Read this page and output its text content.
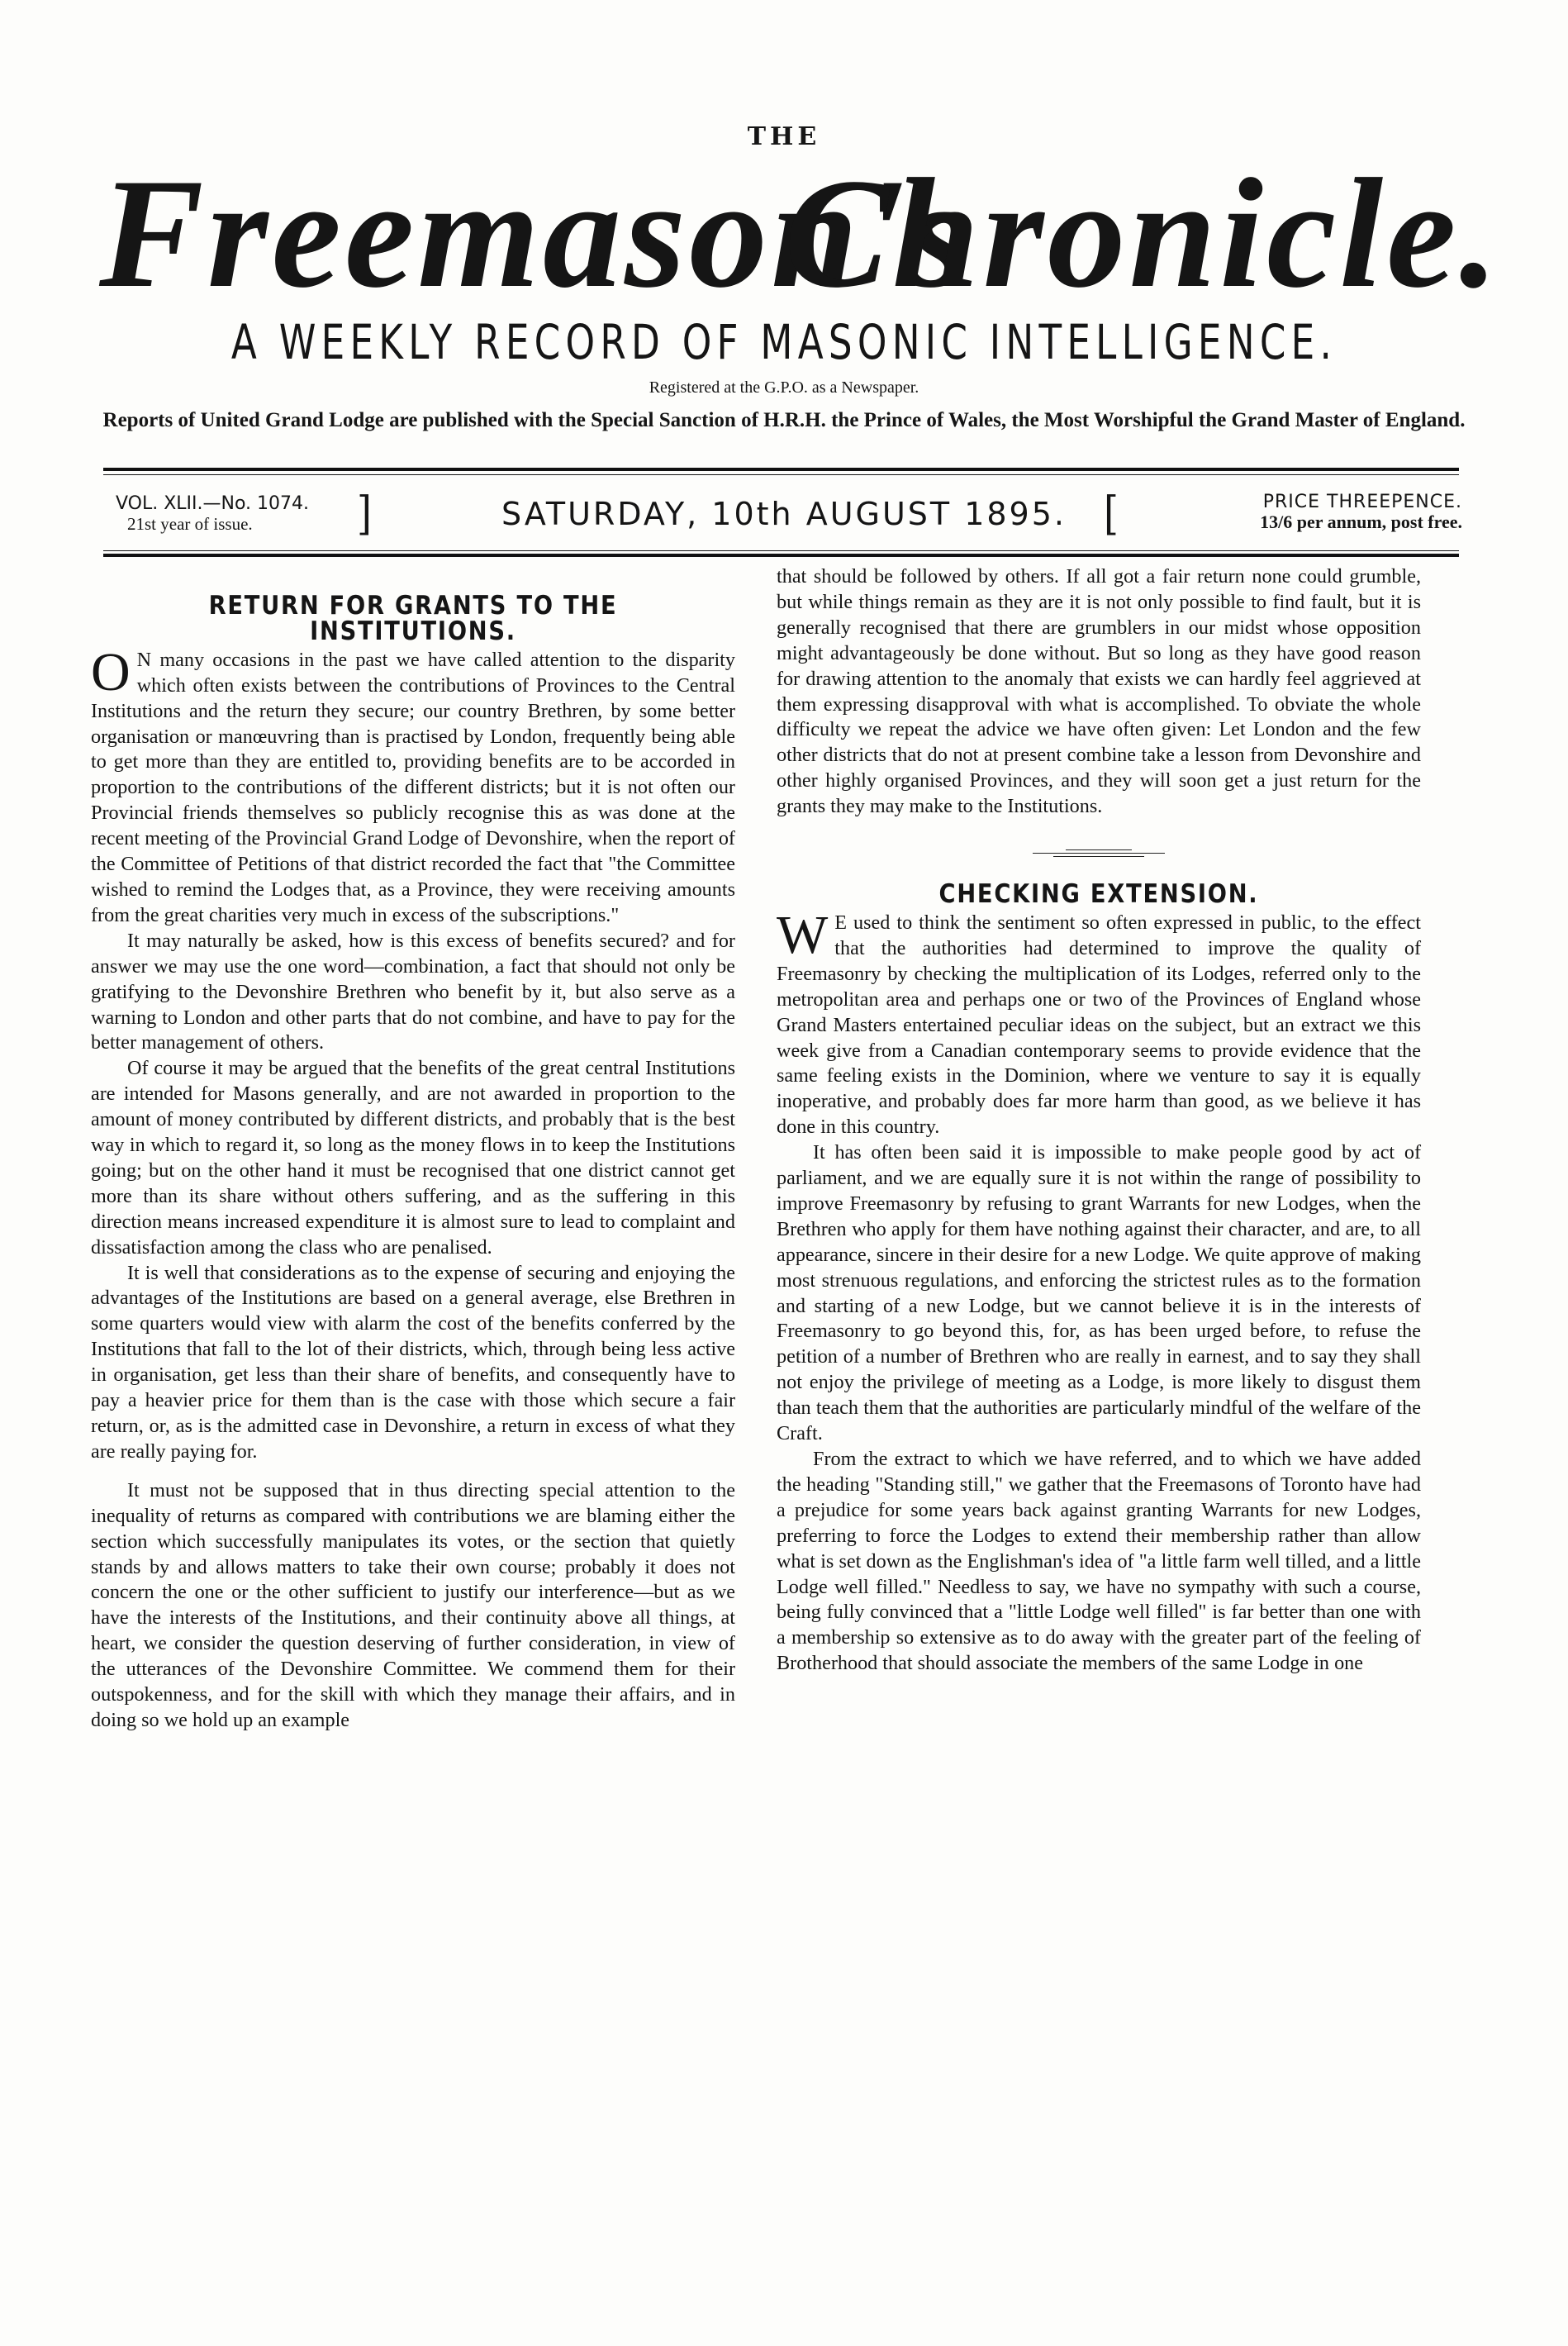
THE
Freemason's
Chronicle.
A WEEKLY RECORD OF MASONIC INTELLIGENCE.
Registered at the G.P.O. as a Newspaper.
Reports of United Grand Lodge are published with the Special Sanction of H.R.H. the Prince of Wales, the Most Worshipful the Grand Master of England.
VOL. XLII.—No. 1074.
21st year of issue.	]	SATURDAY, 10th AUGUST 1895. [	PRICE THREEPENCE.
13/6 per annum, post free.
RETURN FOR GRANTS TO THE INSTITUTIONS.

O N many occasions in the past we have called attention to the disparity which often exists between the contributions of Provinces to the Central Institutions and the return they secure; our country Brethren, by some better organisation or manœuvring than is practised by London, frequently being able to get more than they are entitled to, providing benefits are to be accorded in proportion to the contributions of the different districts; but it is not often our Provincial friends themselves so publicly recognise this as was done at the recent meeting of the Provincial Grand Lodge of Devonshire, when the report of the Committee of Petitions of that district recorded the fact that "the Committee wished to remind the Lodges that, as a Province, they were receiving amounts from the great charities very much in excess of the subscriptions."

It may naturally be asked, how is this excess of benefits secured? and for answer we may use the one word—combination, a fact that should not only be gratifying to the Devonshire Brethren who benefit by it, but also serve as a warning to London and other parts that do not combine, and have to pay for the better management of others.

Of course it may be argued that the benefits of the great central Institutions are intended for Masons generally, and are not awarded in proportion to the amount of money contributed by different districts, and probably that is the best way in which to regard it, so long as the money flows in to keep the Institutions going; but on the other hand it must be recognised that one district cannot get more than its share without others suffering, and as the suffering in this direction means increased expenditure it is almost sure to lead to complaint and dissatisfaction among the class who are penalised.

It is well that considerations as to the expense of securing and enjoying the advantages of the Institutions are based on a general average, else Brethren in some quarters would view with alarm the cost of the benefits conferred by the Institutions that fall to the lot of their districts, which, through being less active in organisation, get less than their share of benefits, and consequently have to pay a heavier price for them than is the case with those which secure a fair return, or, as is the admitted case in Devonshire, a return in excess of what they are really paying for.

It must not be supposed that in thus directing special attention to the inequality of returns as compared with contributions we are blaming either the section which successfully manipulates its votes, or the section that quietly stands by and allows matters to take their own course; probably it does not concern the one or the other sufficient to justify our interference—but as we have the interests of the Institutions, and their continuity above all things, at heart, we consider the question deserving of further consideration, in view of the utterances of the Devonshire Committee. We commend them for their outspokenness, and for the skill with which they manage their affairs, and in doing so we hold up an example

that should be followed by others. If all got a fair return none could grumble, but while things remain as they are it is not only possible to find fault, but it is generally recognised that there are grumblers in our midst whose opposition might advantageously be done without. But so long as they have good reason for drawing attention to the anomaly that exists we can hardly feel aggrieved at them expressing disapproval with what is accomplished. To obviate the whole difficulty we repeat the advice we have often given: Let London and the few other districts that do not at present combine take a lesson from Devonshire and other highly organised Provinces, and they will soon get a just return for the grants they may make to the Institutions.

CHECKING EXTENSION.

W E used to think the sentiment so often expressed in public, to the effect that the authorities had determined to improve the quality of Freemasonry by checking the multiplication of its Lodges, referred only to the metropolitan area and perhaps one or two of the Provinces of England whose Grand Masters entertained peculiar ideas on the subject, but an extract we this week give from a Canadian contemporary seems to provide evidence that the same feeling exists in the Dominion, where we venture to say it is equally inoperative, and probably does far more harm than good, as we believe it has done in this country.

It has often been said it is impossible to make people good by act of parliament, and we are equally sure it is not within the range of possibility to improve Freemasonry by refusing to grant Warrants for new Lodges, when the Brethren who apply for them have nothing against their character, and are, to all appearance, sincere in their desire for a new Lodge. We quite approve of making most strenuous regulations, and enforcing the strictest rules as to the formation and starting of a new Lodge, but we cannot believe it is in the interests of Freemasonry to go beyond this, for, as has been urged before, to refuse the petition of a number of Brethren who are really in earnest, and to say they shall not enjoy the privilege of meeting as a Lodge, is more likely to disgust them than teach them that the authorities are particularly mindful of the welfare of the Craft.

From the extract to which we have referred, and to which we have added the heading "Standing still," we gather that the Freemasons of Toronto have had a prejudice for some years back against granting Warrants for new Lodges, preferring to force the Lodges to extend their membership rather than allow what is set down as the Englishman's idea of "a little farm well tilled, and a little Lodge well filled." Needless to say, we have no sympathy with such a course, being fully convinced that a "little Lodge well filled" is far better than one with a membership so extensive as to do away with the greater part of the feeling of Brotherhood that should associate the members of the same Lodge in one
